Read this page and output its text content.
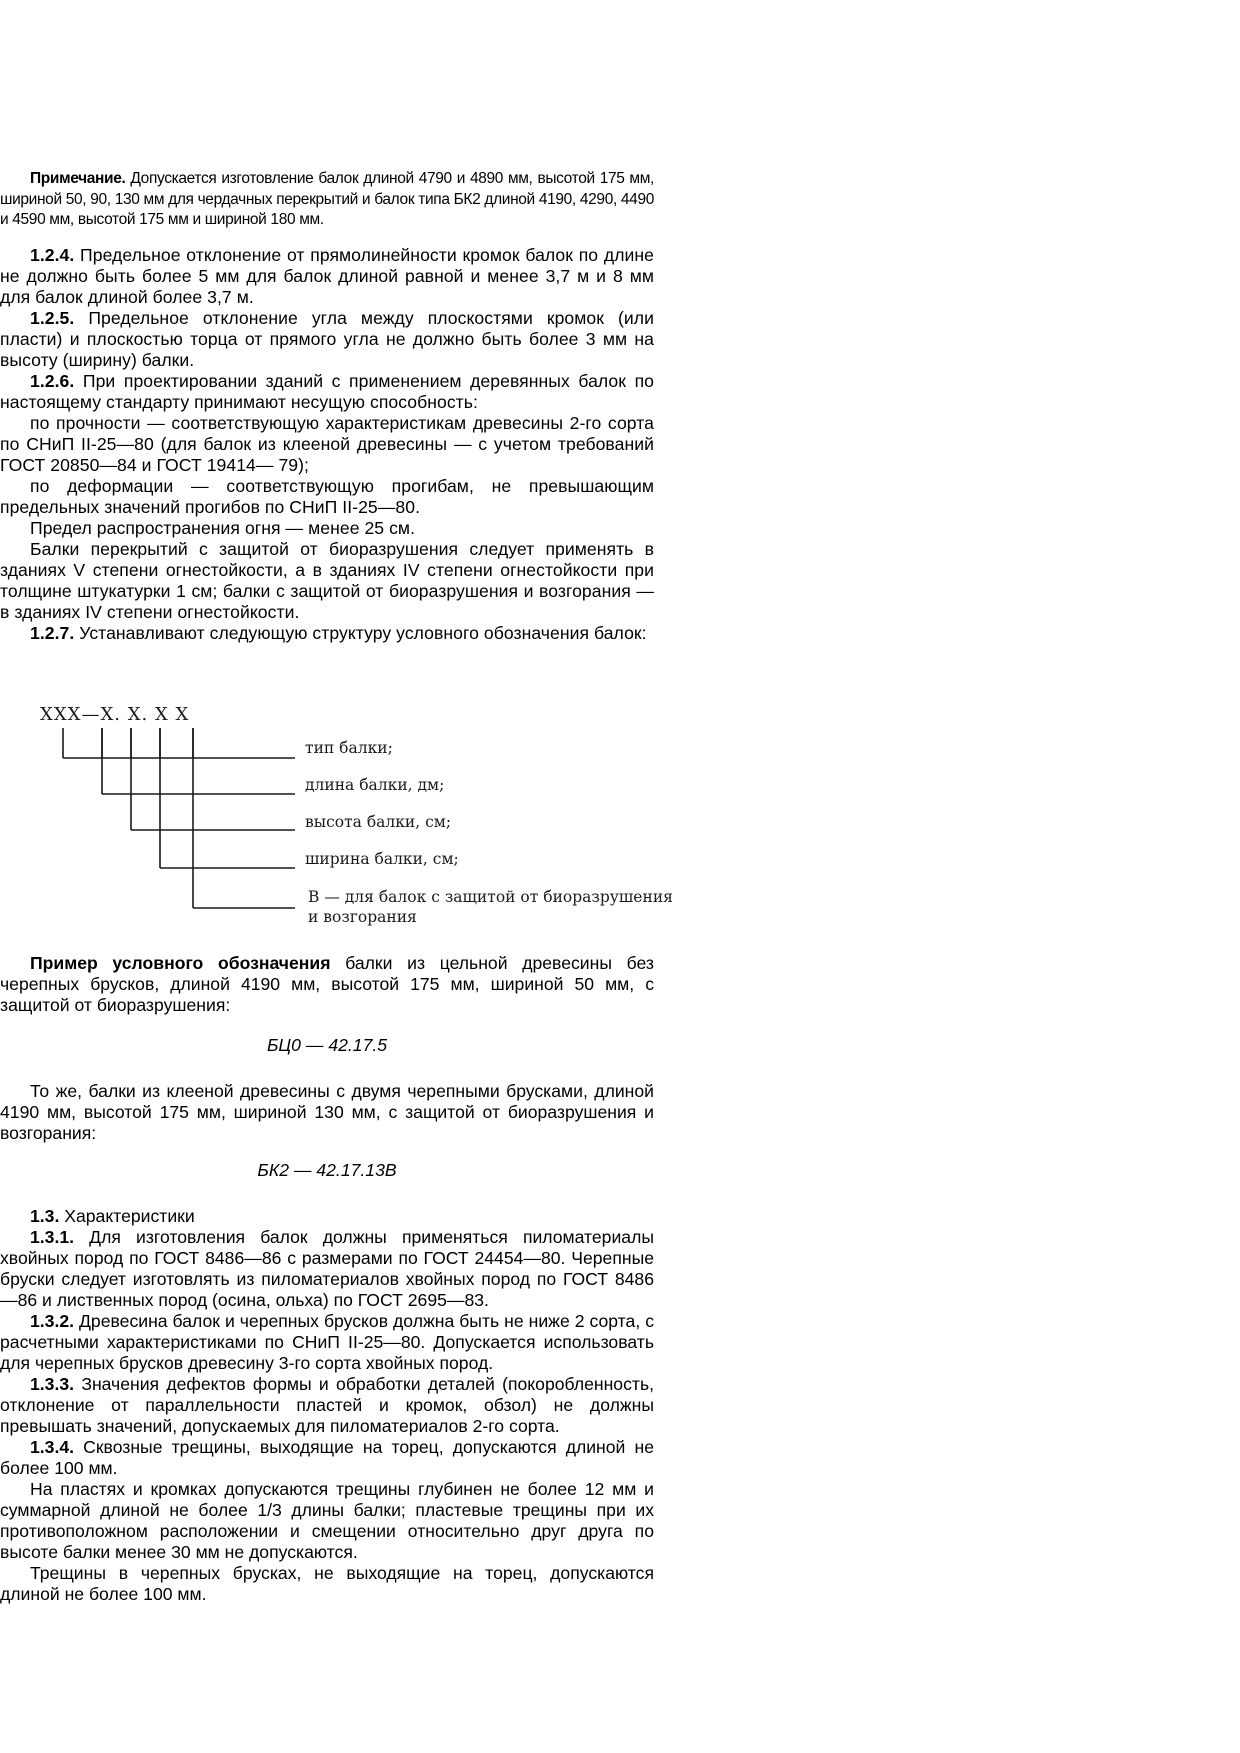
Примечание. Допускается изготовление балок длиной 4790 и 4890 мм, высотой 175 мм, шириной 50, 90, 130 мм для чердачных перекрытий и балок типа БК2 длиной 4190, 4290, 4490 и 4590 мм, высотой 175 мм и шириной 180 мм.

1.2.4. Предельное отклонение от прямолинейности кромок балок по длине не должно быть более 5 мм для балок длиной равной и менее 3,7 м и 8 мм для балок длиной более 3,7 м.

1.2.5. Предельное отклонение угла между плоскостями кромок (или пласти) и плоскостью торца от прямого угла не должно быть более 3 мм на высоту (ширину) балки.

1.2.6. При проектировании зданий с применением деревянных балок по настоящему стандарту принимают несущую способность:

по прочности — соответствующую характеристикам древесины 2-го сорта по СНиП II-25—80 (для балок из клееной древесины — с учетом требований ГОСТ 20850—84 и ГОСТ 19414— 79);

по деформации — соответствующую прогибам, не превышающим предельных значений прогибов по СНиП II-25—80.

Предел распространения огня — менее 25 см.

Балки перекрытий с защитой от биоразрушения следует применять в зданиях V степени огнестойкости, а в зданиях IV степени огнестойкости при толщине штукатурки 1 см; балки с защитой от биоразрушения и возгорания — в зданиях IV степени огнестойкости.

1.2.7. Устанавливают следующую структуру условного обозначения балок:

XXX—X. X. X X
тип балки;
длина балки, дм;
высота балки, см;
ширина балки, см;
В — для балок с защитой от биоразрушения
и возгорания

Пример условного обозначения балки из цельной древесины без черепных брусков, длиной 4190 мм, высотой 175 мм, шириной 50 мм, с защитой от биоразрушения:

БЦ0 — 42.17.5

То же, балки из клееной древесины с двумя черепными брусками, длиной 4190 мм, высотой 175 мм, шириной 130 мм, с защитой от биоразрушения и возгорания:

БК2 — 42.17.13В

1.3. Характеристики

1.3.1. Для изготовления балок должны применяться пиломатериалы хвойных пород по ГОСТ 8486—86 с размерами по ГОСТ 24454—80. Черепные бруски следует изготовлять из пиломатериалов хвойных пород по ГОСТ 8486—86 и лиственных пород (осина, ольха) по ГОСТ 2695—83.

1.3.2. Древесина балок и черепных брусков должна быть не ниже 2 сорта, с расчетными характеристиками по СНиП II-25—80. Допускается использовать для черепных брусков древесину 3-го сорта хвойных пород.

1.3.3. Значения дефектов формы и обработки деталей (покоробленность, отклонение от параллельности пластей и кромок, обзол) не должны превышать значений, допускаемых для пиломатериалов 2-го сорта.

1.3.4. Сквозные трещины, выходящие на торец, допускаются длиной не более 100 мм.

На пластях и кромках допускаются трещины глубинен не более 12 мм и суммарной длиной не более 1/3 длины балки; пластевые трещины при их противоположном расположении и смещении относительно друг друга по высоте балки менее 30 мм не допускаются.

Трещины в черепных брусках, не выходящие на торец, допускаются длиной не более 100 мм.
